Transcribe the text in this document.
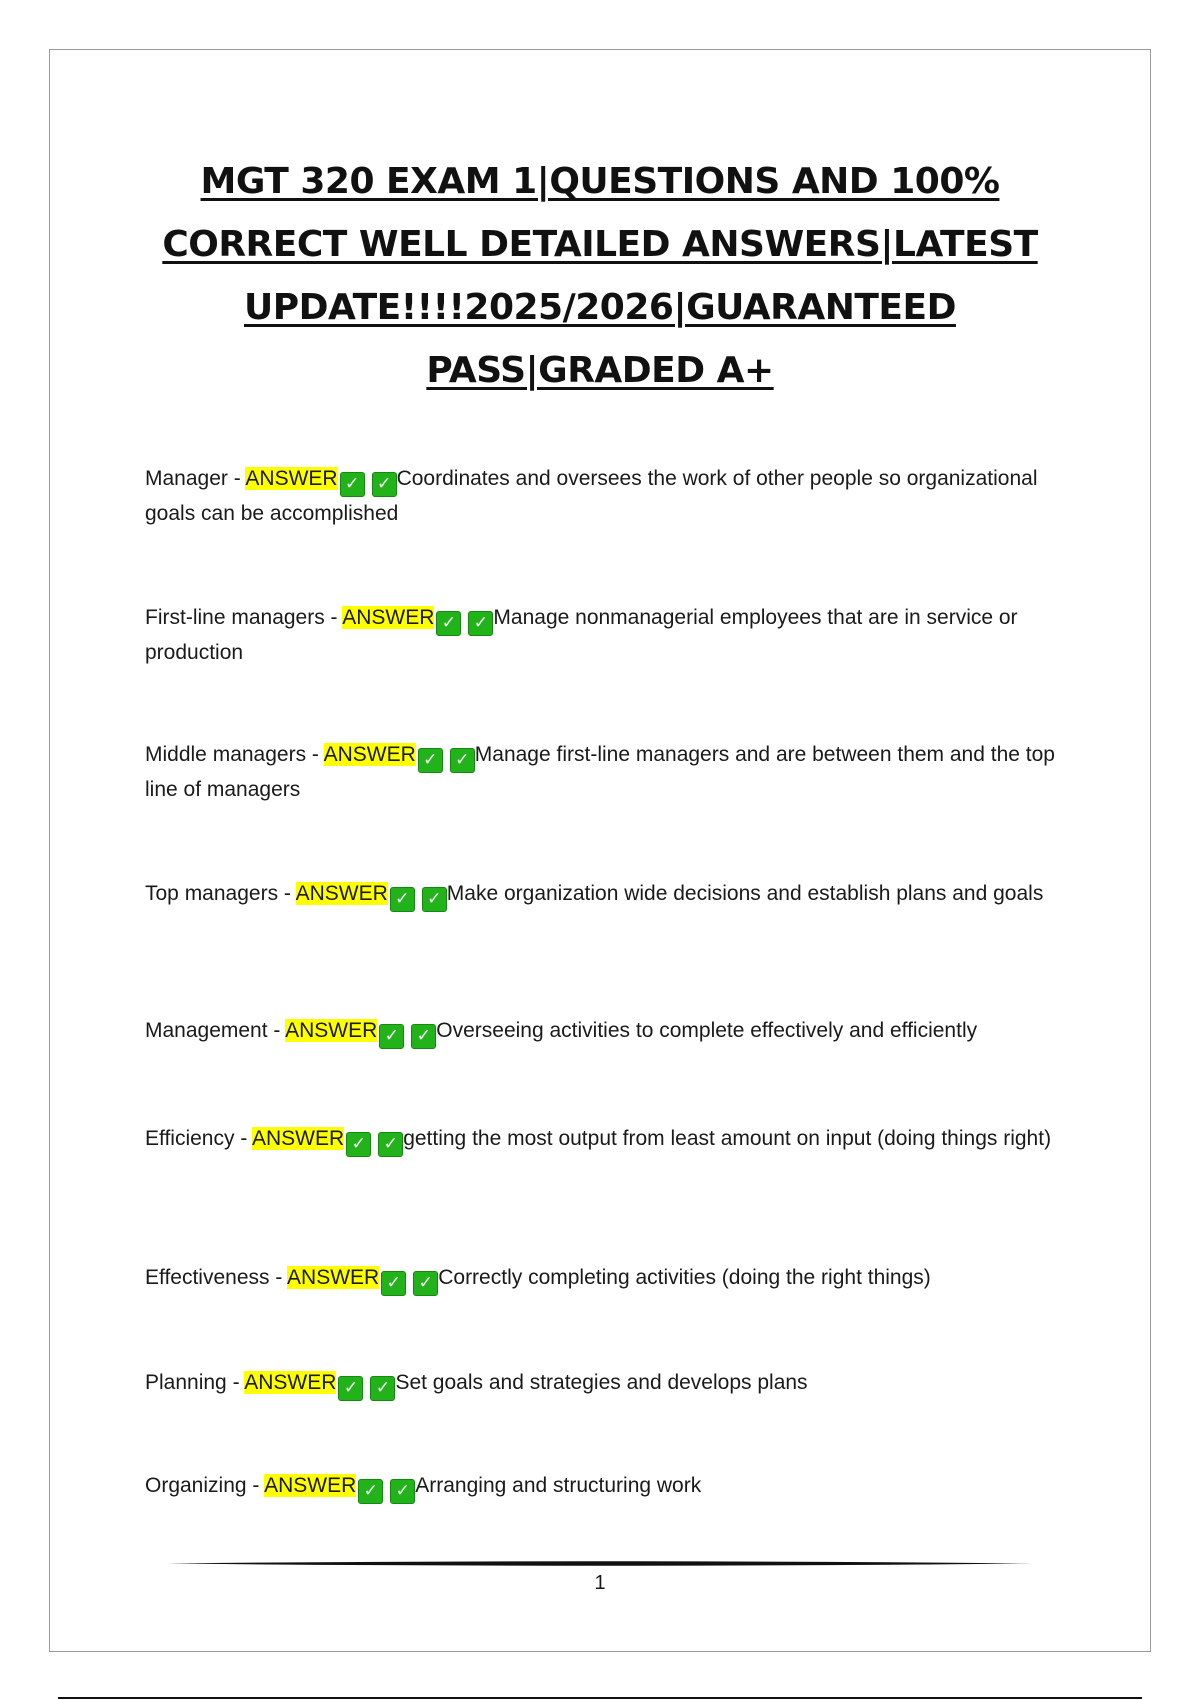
MGT 320 EXAM 1|QUESTIONS AND 100%
CORRECT WELL DETAILED ANSWERS|LATEST
UPDATE!!!!2025/2026|GUARANTEED
PASS|GRADED A+
Manager - ANSWER ✓ ✓ Coordinates and oversees the work of other people so organizational goals can be accomplished
First-line managers - ANSWER ✓ ✓ Manage nonmanagerial employees that are in service or production
Middle managers - ANSWER ✓ ✓ Manage first-line managers and are between them and the top line of managers
Top managers - ANSWER ✓ ✓ Make organization wide decisions and establish plans and goals
Management - ANSWER ✓ ✓ Overseeing activities to complete effectively and efficiently
Efficiency - ANSWER ✓ ✓ getting the most output from least amount on input (doing things right)
Effectiveness - ANSWER ✓ ✓ Correctly completing activities (doing the right things)
Planning - ANSWER ✓ ✓ Set goals and strategies and develops plans
Organizing - ANSWER ✓ ✓ Arranging and structuring work
1
